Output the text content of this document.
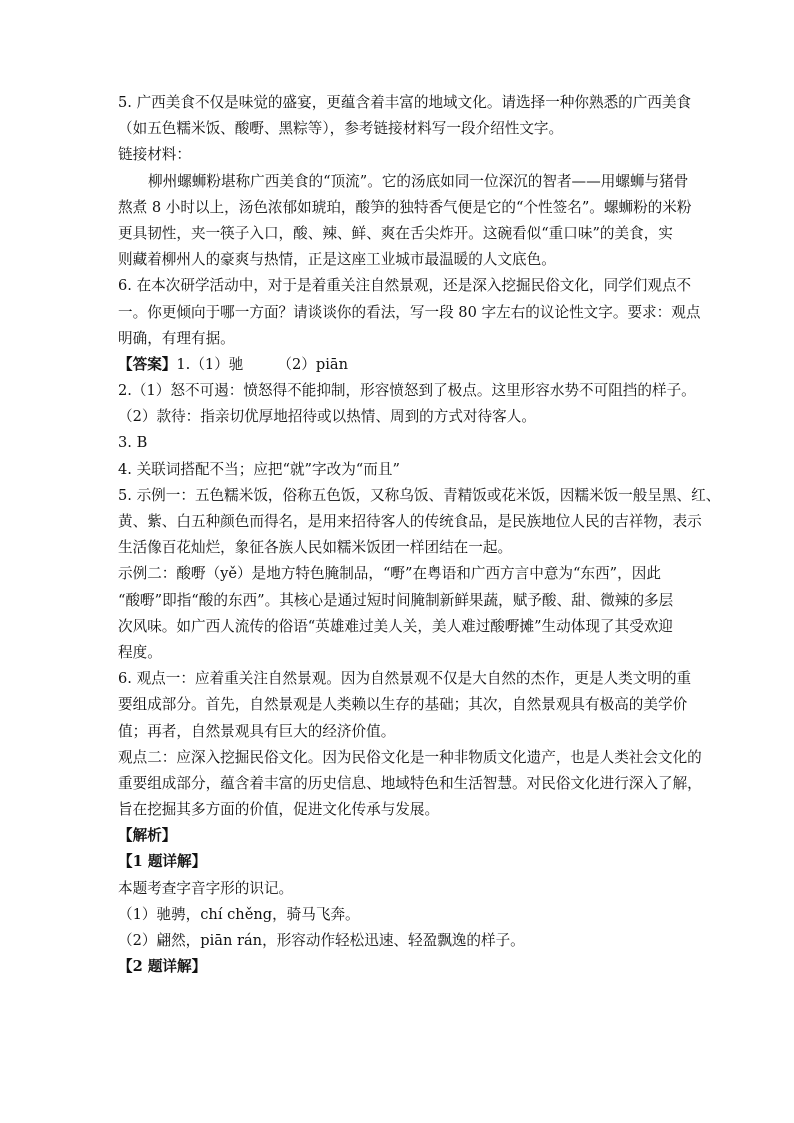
5. 广西美食不仅是味觉的盛宴，更蕴含着丰富的地域文化。请选择一种你熟悉的广西美食
（如五色糯米饭、酸嘢、黑粽等），参考链接材料写一段介绍性文字。
链接材料：
柳州螺蛳粉堪称广西美食的“顶流”。它的汤底如同一位深沉的智者——用螺蛳与猪骨
熬煮 8 小时以上，汤色浓郁如琥珀，酸笋的独特香气便是它的“个性签名”。螺蛳粉的米粉
更具韧性，夹一筷子入口，酸、辣、鲜、爽在舌尖炸开。这碗看似“重口味”的美食，实
则藏着柳州人的豪爽与热情，正是这座工业城市最温暖的人文底色。
6. 在本次研学活动中，对于是着重关注自然景观，还是深入挖掘民俗文化，同学们观点不
一。你更倾向于哪一方面？请谈谈你的看法，写一段 80 字左右的议论性文字。要求：观点
明确，有理有据。
【答案】1.（1）驰 （2）piān
2.（1）怒不可遏：愤怒得不能抑制，形容愤怒到了极点。这里形容水势不可阻挡的样子。
（2）款待：指亲切优厚地招待或以热情、周到的方式对待客人。
3. B
4. 关联词搭配不当；应把“就”字改为“而且”
5. 示例一：五色糯米饭，俗称五色饭，又称乌饭、青精饭或花米饭，因糯米饭一般呈黑、红、
黄、紫、白五种颜色而得名，是用来招待客人的传统食品，是民族地位人民的吉祥物，表示
生活像百花灿烂，象征各族人民如糯米饭团一样团结在一起。
示例二：酸嘢（yě）是地方特色腌制品，“嘢”在粤语和广西方言中意为“东西”，因此
“酸嘢”即指“酸的东西”。其核心是通过短时间腌制新鲜果蔬，赋予酸、甜、微辣的多层
次风味。如广西人流传的俗语“英雄难过美人关，美人难过酸嘢摊”生动体现了其受欢迎
程度。
6. 观点一：应着重关注自然景观。因为自然景观不仅是大自然的杰作，更是人类文明的重
要组成部分。首先，自然景观是人类赖以生存的基础；其次，自然景观具有极高的美学价
值；再者，自然景观具有巨大的经济价值。
观点二：应深入挖掘民俗文化。因为民俗文化是一种非物质文化遗产，也是人类社会文化的
重要组成部分，蕴含着丰富的历史信息、地域特色和生活智慧。对民俗文化进行深入了解，
旨在挖掘其多方面的价值，促进文化传承与发展。
【解析】
【1 题详解】
本题考查字音字形的识记。
（1）驰骋，chí chěng，骑马飞奔。
（2）翩然，piān rán，形容动作轻松迅速、轻盈飘逸的样子。
【2 题详解】
